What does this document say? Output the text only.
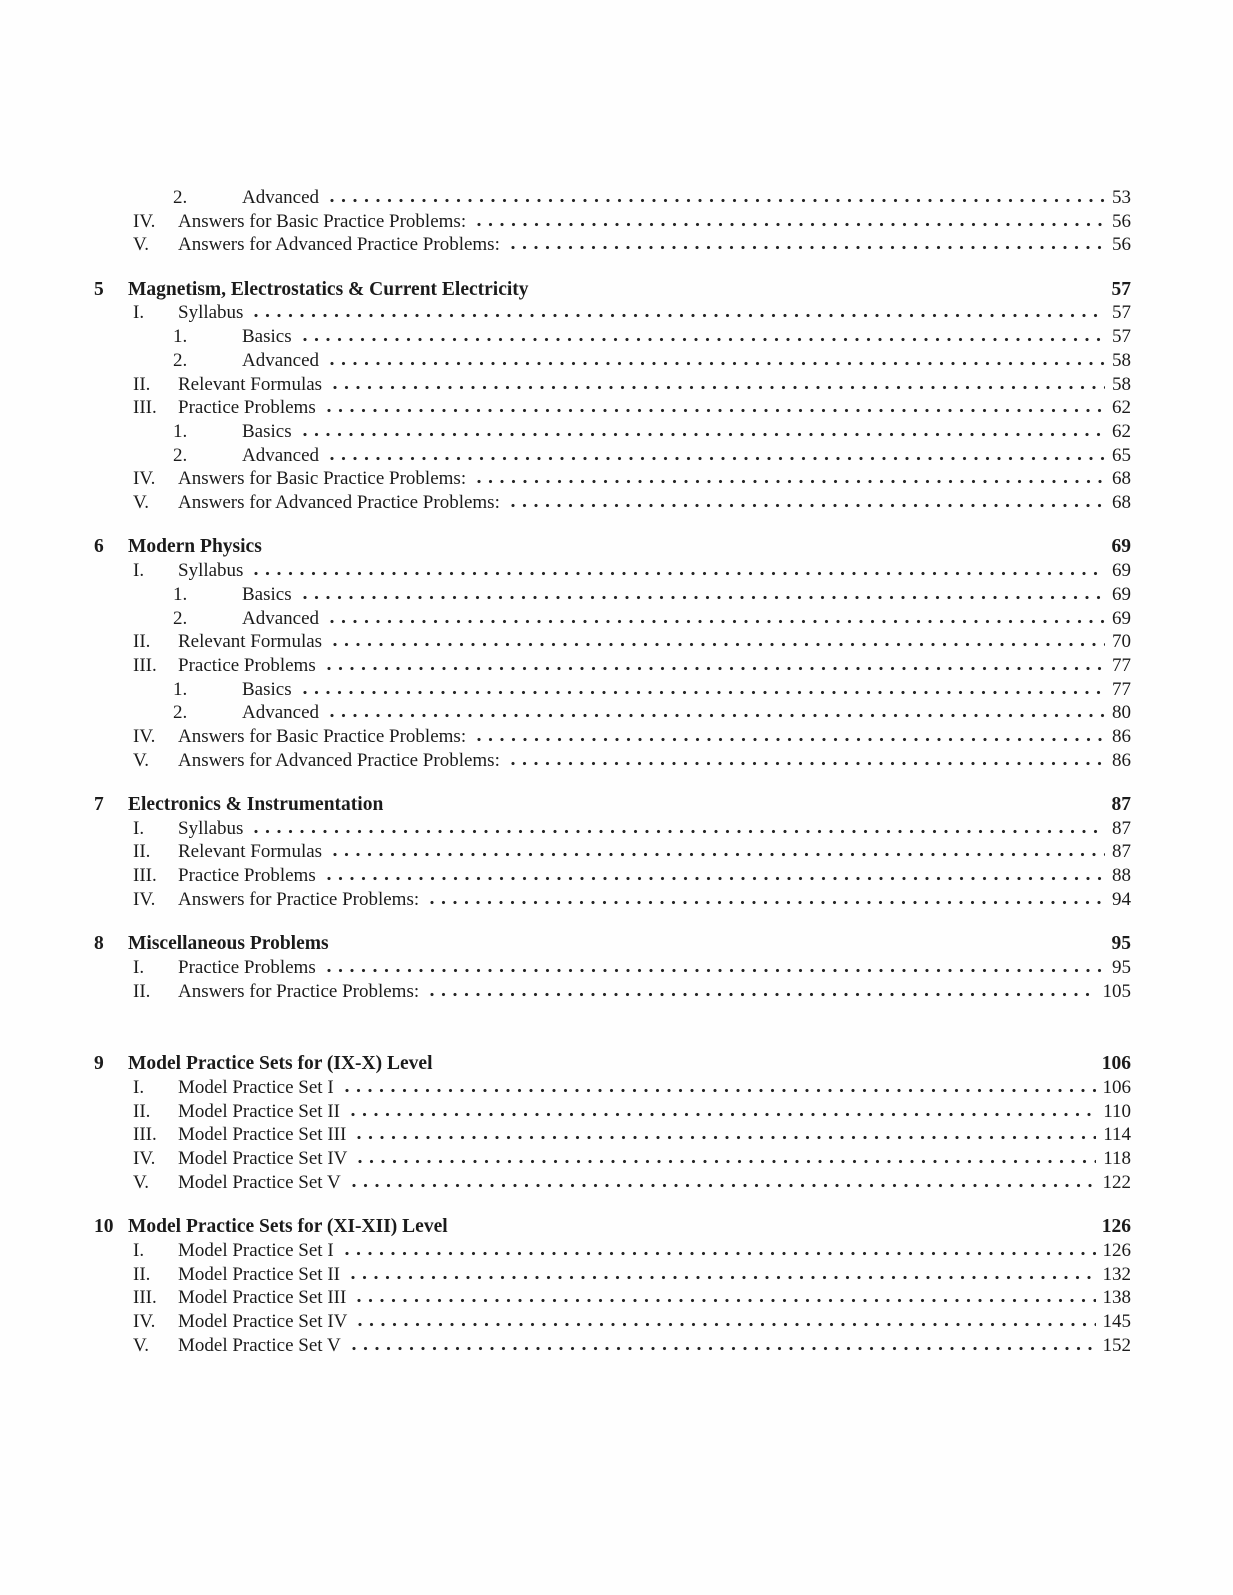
2.	Advanced	53
IV.	Answers for Basic Practice Problems:	56
V.	Answers for Advanced Practice Problems:	56
5	Magnetism, Electrostatics & Current Electricity	57
I.	Syllabus	57
1.	Basics	57
2.	Advanced	58
II.	Relevant Formulas	58
III.	Practice Problems	62
1.	Basics	62
2.	Advanced	65
IV.	Answers for Basic Practice Problems:	68
V.	Answers for Advanced Practice Problems:	68
6	Modern Physics	69
I.	Syllabus	69
1.	Basics	69
2.	Advanced	69
II.	Relevant Formulas	70
III.	Practice Problems	77
1.	Basics	77
2.	Advanced	80
IV.	Answers for Basic Practice Problems:	86
V.	Answers for Advanced Practice Problems:	86
7	Electronics & Instrumentation	87
I.	Syllabus	87
II.	Relevant Formulas	87
III.	Practice Problems	88
IV.	Answers for Practice Problems:	94
8	Miscellaneous Problems	95
I.	Practice Problems	95
II.	Answers for Practice Problems:	105
9	Model Practice Sets for (IX-X) Level	106
I.	Model Practice Set I	106
II.	Model Practice Set II	110
III.	Model Practice Set III	114
IV.	Model Practice Set IV	118
V.	Model Practice Set V	122
10 Model Practice Sets for (XI-XII) Level	126
I.	Model Practice Set I	126
II.	Model Practice Set II	132
III.	Model Practice Set III	138
IV.	Model Practice Set IV	145
V.	Model Practice Set V	152
